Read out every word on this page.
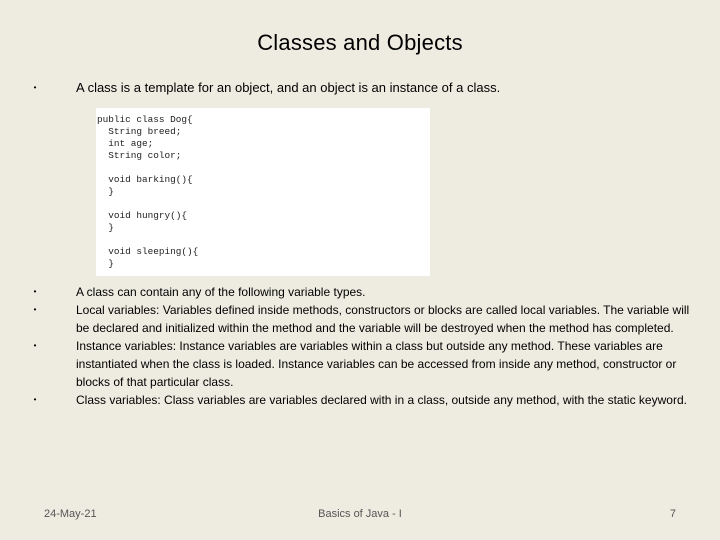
Classes and Objects
•	A class is a template for an object, and an object is an instance of a class.
public class Dog{
String breed;
int age;
String color;
void barking(){
}
void hungry(){
}
void sleeping(){
}
•	A class can contain any of the following variable types.
•	Local variables: Variables defined inside methods, constructors or blocks are called local variables. The variable will be declared and initialized within the method and the variable will be destroyed when the method has completed.
•	Instance variables: Instance variables are variables within a class but outside any method. These variables are instantiated when the class is loaded. Instance variables can be accessed from inside any method, constructor or blocks of that particular class.
•	Class variables: Class variables are variables declared with in a class, outside any method, with the static keyword.
24-May-21	Basics of Java - I	7
